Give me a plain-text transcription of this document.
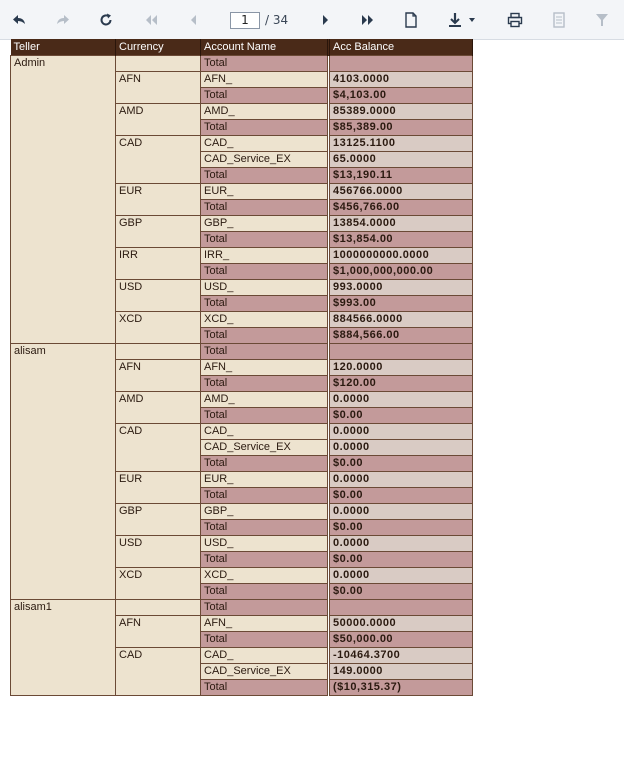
1	/ 34
Teller	Currency	Account Name	Acc Balance
Admin		Total	
	AFN	AFN_	4103.0000
		Total	$4,103.00
	AMD	AMD_	85389.0000
		Total	$85,389.00
	CAD	CAD_	13125.1100
		CAD_Service_EX	65.0000
		Total	$13,190.11
	EUR	EUR_	456766.0000
		Total	$456,766.00
	GBP	GBP_	13854.0000
		Total	$13,854.00
	IRR	IRR_	1000000000.0000
		Total	$1,000,000,000.00
	USD	USD_	993.0000
		Total	$993.00
	XCD	XCD_	884566.0000
		Total	$884,566.00
alisam		Total	
	AFN	AFN_	120.0000
		Total	$120.00
	AMD	AMD_	0.0000
		Total	$0.00
	CAD	CAD_	0.0000
		CAD_Service_EX	0.0000
		Total	$0.00
	EUR	EUR_	0.0000
		Total	$0.00
	GBP	GBP_	0.0000
		Total	$0.00
	USD	USD_	0.0000
		Total	$0.00
	XCD	XCD_	0.0000
		Total	$0.00
alisam1		Total	
	AFN	AFN_	50000.0000
		Total	$50,000.00
	CAD	CAD_	-10464.3700
		CAD_Service_EX	149.0000
		Total	($10,315.37)
